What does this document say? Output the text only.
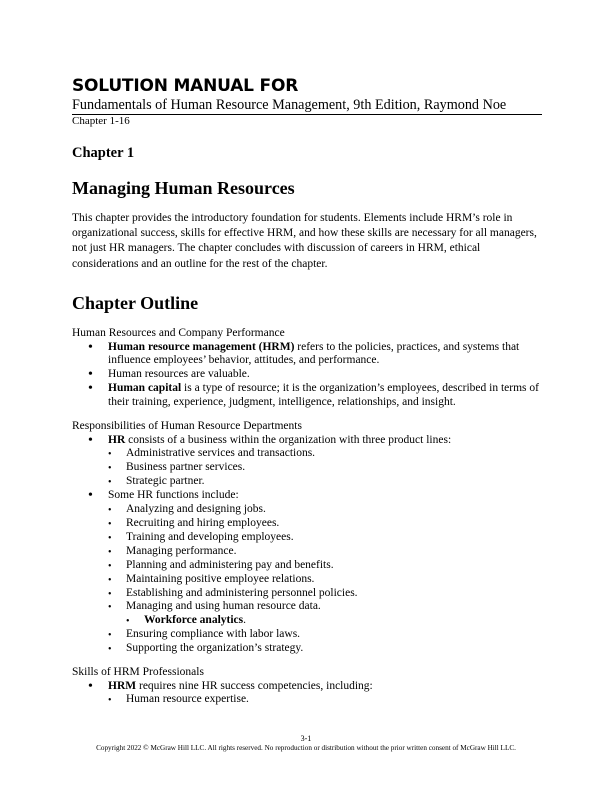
SOLUTION MANUAL FOR
Fundamentals of Human Resource Management, 9th Edition, Raymond Noe
Chapter 1-16
Chapter 1
Managing Human Resources

This chapter provides the introductory foundation for students. Elements include HRM’s role in organizational success, skills for effective HRM, and how these skills are necessary for all managers, not just HR managers. The chapter concludes with discussion of careers in HRM, ethical considerations and an outline for the rest of the chapter.

Chapter Outline

Human Resources and Company Performance

• Human resource management (HRM) refers to the policies, practices, and systems that influence employees’ behavior, attitudes, and performance.
• Human resources are valuable.
• Human capital is a type of resource; it is the organization’s employees, described in terms of their training, experience, judgment, intelligence, relationships, and insight.

Responsibilities of Human Resource Departments

• HR consists of a business within the organization with three product lines:
• Administrative services and transactions.
• Business partner services.
• Strategic partner.
• Some HR functions include:
• Analyzing and designing jobs.
• Recruiting and hiring employees.
• Training and developing employees.
• Managing performance.
• Planning and administering pay and benefits.
• Maintaining positive employee relations.
• Establishing and administering personnel policies.
• Managing and using human resource data.
• Workforce analytics.
• Ensuring compliance with labor laws.
• Supporting the organization’s strategy.

Skills of HRM Professionals

• HRM requires nine HR success competencies, including:
• Human resource expertise.
3-1
Copyright 2022 © McGraw Hill LLC. All rights reserved. No reproduction or distribution without the prior written consent of McGraw Hill LLC.
